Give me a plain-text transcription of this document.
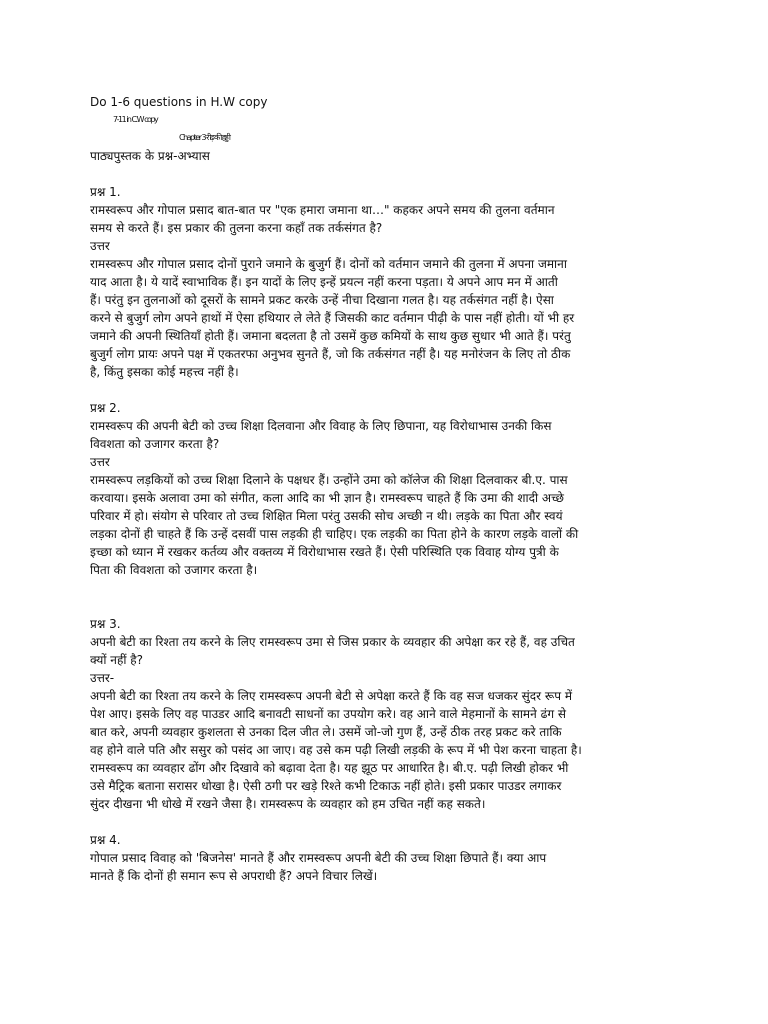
Do 1-6 questions in H.W copy
7-11 in C.W copy
Chapter 3 रीढ़ की हड्डी
पाठ्यपुस्तक के प्रश्न-अभ्यास
प्रश्न 1.
रामस्वरूप और गोपाल प्रसाद बात-बात पर "एक हमारा जमाना था…" कहकर अपने समय की तुलना वर्तमान
समय से करते हैं। इस प्रकार की तुलना करना कहाँ तक तर्कसंगत है?
उत्तर
रामस्वरूप और गोपाल प्रसाद दोनों पुराने जमाने के बुजुर्ग हैं। दोनों को वर्तमान जमाने की तुलना में अपना जमाना
याद आता है। ये यादें स्वाभाविक हैं। इन यादों के लिए इन्हें प्रयत्न नहीं करना पड़ता। ये अपने आप मन में आती
हैं। परंतु इन तुलनाओं को दूसरों के सामने प्रकट करके उन्हें नीचा दिखाना गलत है। यह तर्कसंगत नहीं है। ऐसा
करने से बुजुर्ग लोग अपने हाथों में ऐसा हथियार ले लेते हैं जिसकी काट वर्तमान पीढ़ी के पास नहीं होती। यों भी हर
जमाने की अपनी स्थितियाँ होती हैं। जमाना बदलता है तो उसमें कुछ कमियों के साथ कुछ सुधार भी आते हैं। परंतु
बुजुर्ग लोग प्रायः अपने पक्ष में एकतरफा अनुभव सुनते हैं, जो कि तर्कसंगत नहीं है। यह मनोरंजन के लिए तो ठीक
है, किंतु इसका कोई महत्त्व नहीं है।
प्रश्न 2.
रामस्वरूप की अपनी बेटी को उच्च शिक्षा दिलवाना और विवाह के लिए छिपाना, यह विरोधाभास उनकी किस
विवशता को उजागर करता है?
उत्तर
रामस्वरूप लड़कियों को उच्च शिक्षा दिलाने के पक्षधर हैं। उन्होंने उमा को कॉलेज की शिक्षा दिलवाकर बी.ए. पास
करवाया। इसके अलावा उमा को संगीत, कला आदि का भी ज्ञान है। रामस्वरूप चाहते हैं कि उमा की शादी अच्छे
परिवार में हो। संयोग से परिवार तो उच्च शिक्षित मिला परंतु उसकी सोच अच्छी न थी। लड़के का पिता और स्वयं
लड़का दोनों ही चाहते हैं कि उन्हें दसवीं पास लड़की ही चाहिए। एक लड़की का पिता होने के कारण लड़के वालों की
इच्छा को ध्यान में रखकर कर्तव्य और वक्तव्य में विरोधाभास रखते हैं। ऐसी परिस्थिति एक विवाह योग्य पुत्री के
पिता की विवशता को उजागर करता है।
प्रश्न 3.
अपनी बेटी का रिश्ता तय करने के लिए रामस्वरूप उमा से जिस प्रकार के व्यवहार की अपेक्षा कर रहे हैं, वह उचित
क्यों नहीं है?
उत्तर-
अपनी बेटी का रिश्ता तय करने के लिए रामस्वरूप अपनी बेटी से अपेक्षा करते हैं कि वह सज धजकर सुंदर रूप में
पेश आए। इसके लिए वह पाउडर आदि बनावटी साधनों का उपयोग करे। वह आने वाले मेहमानों के सामने ढंग से
बात करे, अपनी व्यवहार कुशलता से उनका दिल जीत ले। उसमें जो-जो गुण हैं, उन्हें ठीक तरह प्रकट करे ताकि
वह होने वाले पति और ससुर को पसंद आ जाए। वह उसे कम पढ़ी लिखी लड़की के रूप में भी पेश करना चाहता है।
रामस्वरूप का व्यवहार ढोंग और दिखावे को बढ़ावा देता है। यह झूठ पर आधारित है। बी.ए. पढ़ी लिखी होकर भी
उसे मैट्रिक बताना सरासर धोखा है। ऐसी ठगी पर खड़े रिश्ते कभी टिकाऊ नहीं होते। इसी प्रकार पाउडर लगाकर
सुंदर दीखना भी धोखे में रखने जैसा है। रामस्वरूप के व्यवहार को हम उचित नहीं कह सकते।
प्रश्न 4.
गोपाल प्रसाद विवाह को 'बिजनेस' मानते हैं और रामस्वरूप अपनी बेटी की उच्च शिक्षा छिपाते हैं। क्या आप
मानते हैं कि दोनों ही समान रूप से अपराधी हैं? अपने विचार लिखें।
